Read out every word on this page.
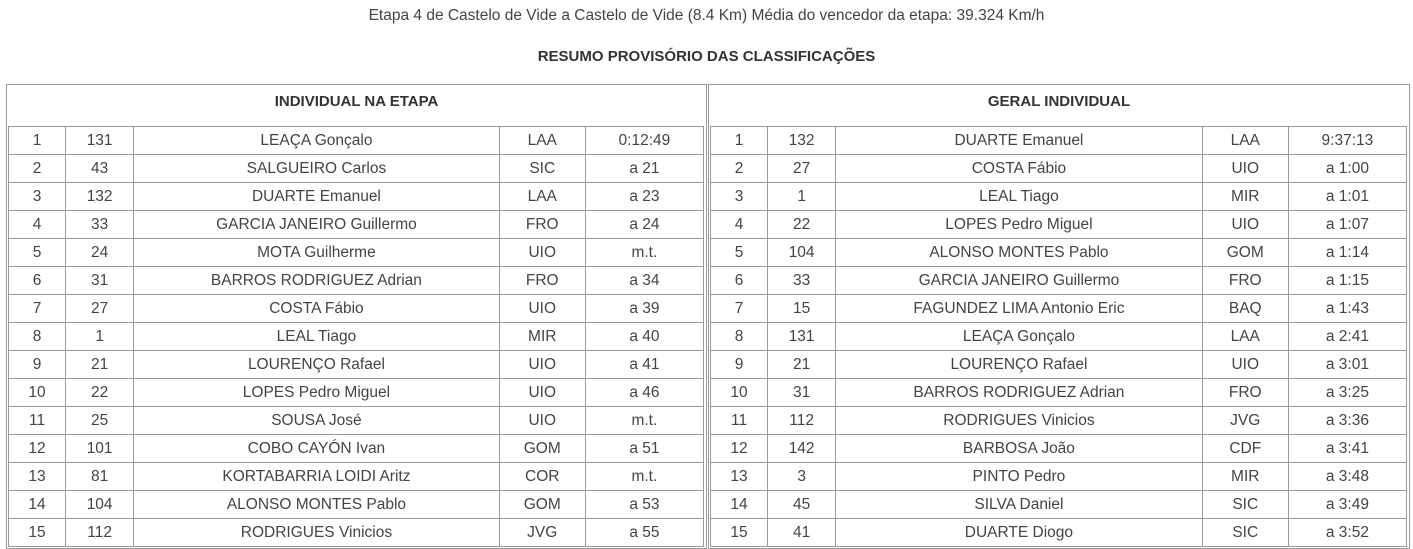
Etapa 4 de Castelo de Vide a Castelo de Vide (8.4 Km) Média do vencedor da etapa: 39.324 Km/h
RESUMO PROVISÓRIO DAS CLASSIFICAÇÕES
INDIVIDUAL NA ETAPA
1	131	LEAÇA Gonçalo	LAA	0:12:49
2	43	SALGUEIRO Carlos	SIC	a 21
3	132	DUARTE Emanuel	LAA	a 23
4	33	GARCIA JANEIRO Guillermo	FRO	a 24
5	24	MOTA Guilherme	UIO	m.t.
6	31	BARROS RODRIGUEZ Adrian	FRO	a 34
7	27	COSTA Fábio	UIO	a 39
8	1	LEAL Tiago	MIR	a 40
9	21	LOURENÇO Rafael	UIO	a 41
10	22	LOPES Pedro Miguel	UIO	a 46
11	25	SOUSA José	UIO	m.t.
12	101	COBO CAYÓN Ivan	GOM	a 51
13	81	KORTABARRIA LOIDI Aritz	COR	m.t.
14	104	ALONSO MONTES Pablo	GOM	a 53
15	112	RODRIGUES Vinicios	JVG	a 55
GERAL INDIVIDUAL
1	132	DUARTE Emanuel	LAA	9:37:13
2	27	COSTA Fábio	UIO	a 1:00
3	1	LEAL Tiago	MIR	a 1:01
4	22	LOPES Pedro Miguel	UIO	a 1:07
5	104	ALONSO MONTES Pablo	GOM	a 1:14
6	33	GARCIA JANEIRO Guillermo	FRO	a 1:15
7	15	FAGUNDEZ LIMA Antonio Eric	BAQ	a 1:43
8	131	LEAÇA Gonçalo	LAA	a 2:41
9	21	LOURENÇO Rafael	UIO	a 3:01
10	31	BARROS RODRIGUEZ Adrian	FRO	a 3:25
11	112	RODRIGUES Vinicios	JVG	a 3:36
12	142	BARBOSA João	CDF	a 3:41
13	3	PINTO Pedro	MIR	a 3:48
14	45	SILVA Daniel	SIC	a 3:49
15	41	DUARTE Diogo	SIC	a 3:52
